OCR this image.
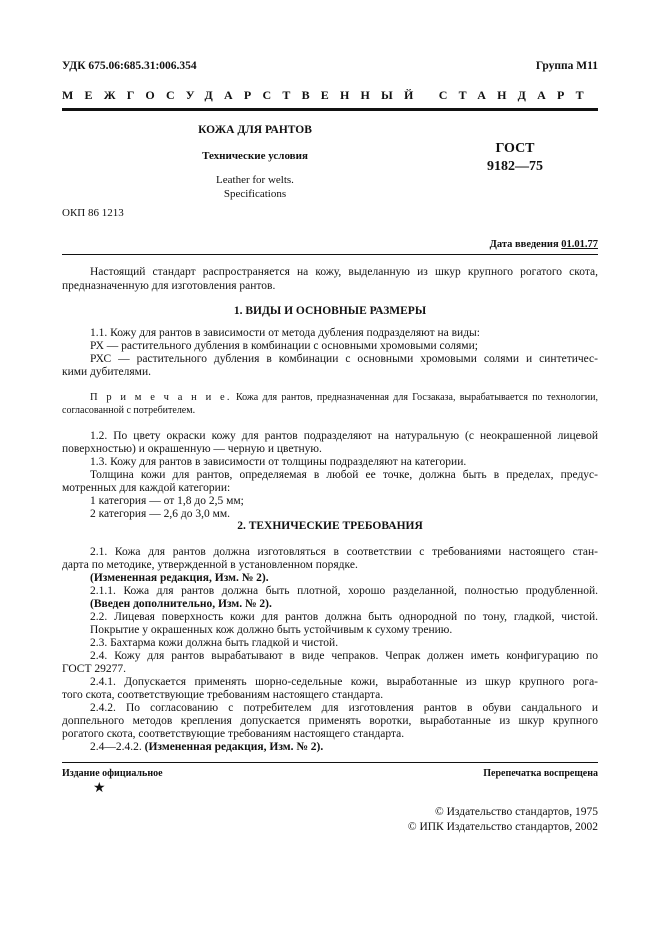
УДК 675.06:685.31:006.354	Группа М11
МЕЖГОСУДАРСТВЕННЫЙ СТАНДАРТ
КОЖА ДЛЯ РАНТОВ
Технические условия
Leather for welts.
Specifications
ГОСТ
9182—75
ОКП 86 1213
Дата введения 01.01.77
Настоящий стандарт распространяется на кожу, выделанную из шкур крупного рогатого скота,
предназначенную для изготовления рантов.
1. ВИДЫ И ОСНОВНЫЕ РАЗМЕРЫ
1.1. Кожу для рантов в зависимости от метода дубления подразделяют на виды:
РХ — растительного дубления в комбинации с основными хромовыми солями;
РХС — растительного дубления в комбинации с основными хромовыми солями и синтетичес-
кими дубителями.
П р и м е ч а н и е. Кожа для рантов, предназначенная для Госзаказа, вырабатывается по технологии,
согласованной с потребителем.
1.2. По цвету окраски кожу для рантов подразделяют на натуральную (с неокрашенной лицевой
поверхностью) и окрашенную — черную и цветную.
1.3. Кожу для рантов в зависимости от толщины подразделяют на категории.
Толщина кожи для рантов, определяемая в любой ее точке, должна быть в пределах, предус-
мотренных для каждой категории:
1 категория — от 1,8 до 2,5 мм;
2 категория — 2,6 до 3,0 мм.
2. ТЕХНИЧЕСКИЕ ТРЕБОВАНИЯ
2.1. Кожа для рантов должна изготовляться в соответствии с требованиями настоящего стан-
дарта по методике, утвержденной в установленном порядке.
(Измененная редакция, Изм. № 2).
2.1.1. Кожа для рантов должна быть плотной, хорошо разделанной, полностью продубленной.
(Введен дополнительно, Изм. № 2).
2.2. Лицевая поверхность кожи для рантов должна быть однородной по тону, гладкой, чистой.
Покрытие у окрашенных кож должно быть устойчивым к сухому трению.
2.3. Бахтарма кожи должна быть гладкой и чистой.
2.4. Кожу для рантов вырабатывают в виде чепраков. Чепрак должен иметь конфигурацию по
ГОСТ 29277.
2.4.1. Допускается применять шорно-седельные кожи, выработанные из шкур крупного рога-
того скота, соответствующие требованиям настоящего стандарта.
2.4.2. По согласованию с потребителем для изготовления рантов в обуви сандального и
доппельного методов крепления допускается применять воротки, выработанные из шкур крупного
рогатого скота, соответствующие требованиям настоящего стандарта.
2.4—2.4.2. (Измененная редакция, Изм. № 2).
Издание официальное	Перепечатка воспрещена
★
© Издательство стандартов, 1975
© ИПК Издательство стандартов, 2002
